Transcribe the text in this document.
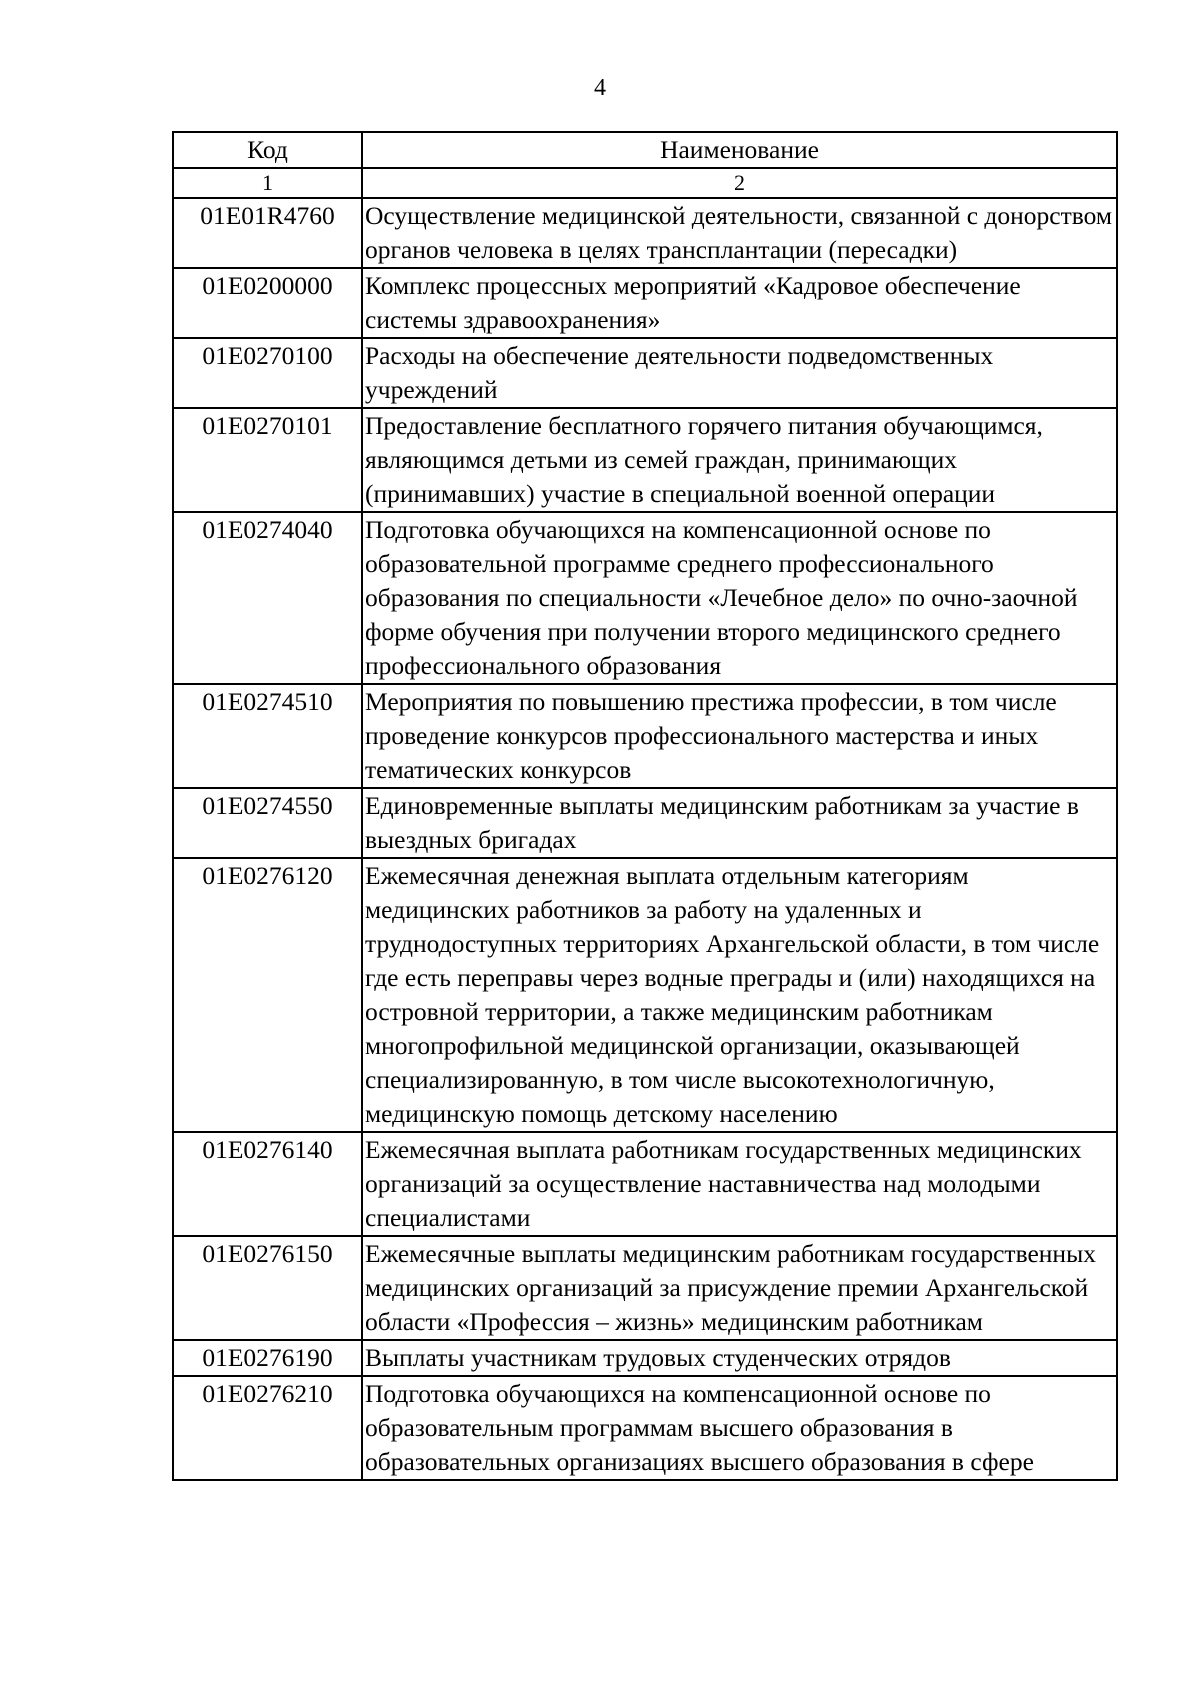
4
Код	Наименование
1	2
01E01R4760	Осуществление медицинской деятельности, связанной с донорством органов человека в целях трансплантации (пересадки)
01E0200000	Комплекс процессных мероприятий «Кадровое обеспечение системы здравоохранения»
01E0270100	Расходы на обеспечение деятельности подведомственных учреждений
01E0270101	Предоставление бесплатного горячего питания обучающимся, являющимся детьми из семей граждан, принимающих (принимавших) участие в специальной военной операции
01E0274040	Подготовка обучающихся на компенсационной основе по образовательной программе среднего профессионального образования по специальности «Лечебное дело» по очно-заочной форме обучения при получении второго медицинского среднего профессионального образования
01E0274510	Мероприятия по повышению престижа профессии, в том числе проведение конкурсов профессионального мастерства и иных тематических конкурсов
01E0274550	Единовременные выплаты медицинским работникам за участие в выездных бригадах
01E0276120	Ежемесячная денежная выплата отдельным категориям медицинских работников за работу на удаленных и труднодоступных территориях Архангельской области, в том числе где есть переправы через водные преграды и (или) находящихся на островной территории, а также медицинским работникам многопрофильной медицинской организации, оказывающей специализированную, в том числе высокотехнологичную, медицинскую помощь детскому населению
01E0276140	Ежемесячная выплата работникам государственных медицинских организаций за осуществление наставничества над молодыми специалистами
01E0276150	Ежемесячные выплаты медицинским работникам государственных медицинских организаций за присуждение премии Архангельской области «Профессия – жизнь» медицинским работникам
01E0276190	Выплаты участникам трудовых студенческих отрядов
01E0276210	Подготовка обучающихся на компенсационной основе по образовательным программам высшего образования в образовательных организациях высшего образования в сфере
